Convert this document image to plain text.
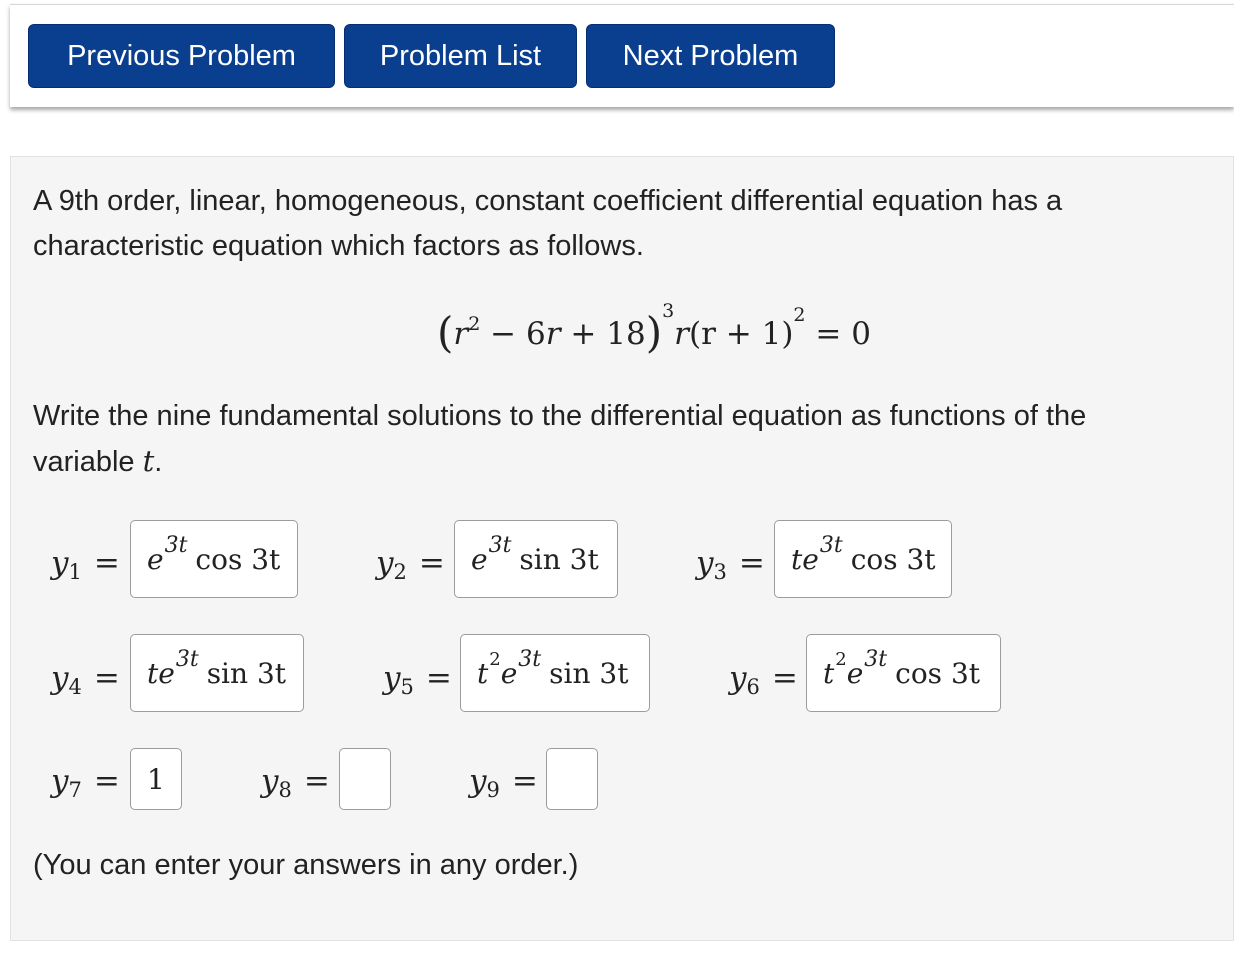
Previous Problem	Problem List	Next Problem
A 9th order, linear, homogeneous, constant coefficient differential equation has a
characteristic equation which factors as follows.
$(r^2 - 6r + 18)^3r(r + 1)^2 = 0$
Write the nine fundamental solutions to the differential equation as functions of the
variable t.
y1 = e 3t cos 3t	y2 = e 3t sin 3t	y3 = t e 3t cos 3t
y4 = t e 3t sin 3t	y5 = t 2 e 3t sin 3t	y6 = t 2 e 3t cos 3t
y7 = 1	y8 =	y9 =
(You can enter your answers in any order.)
